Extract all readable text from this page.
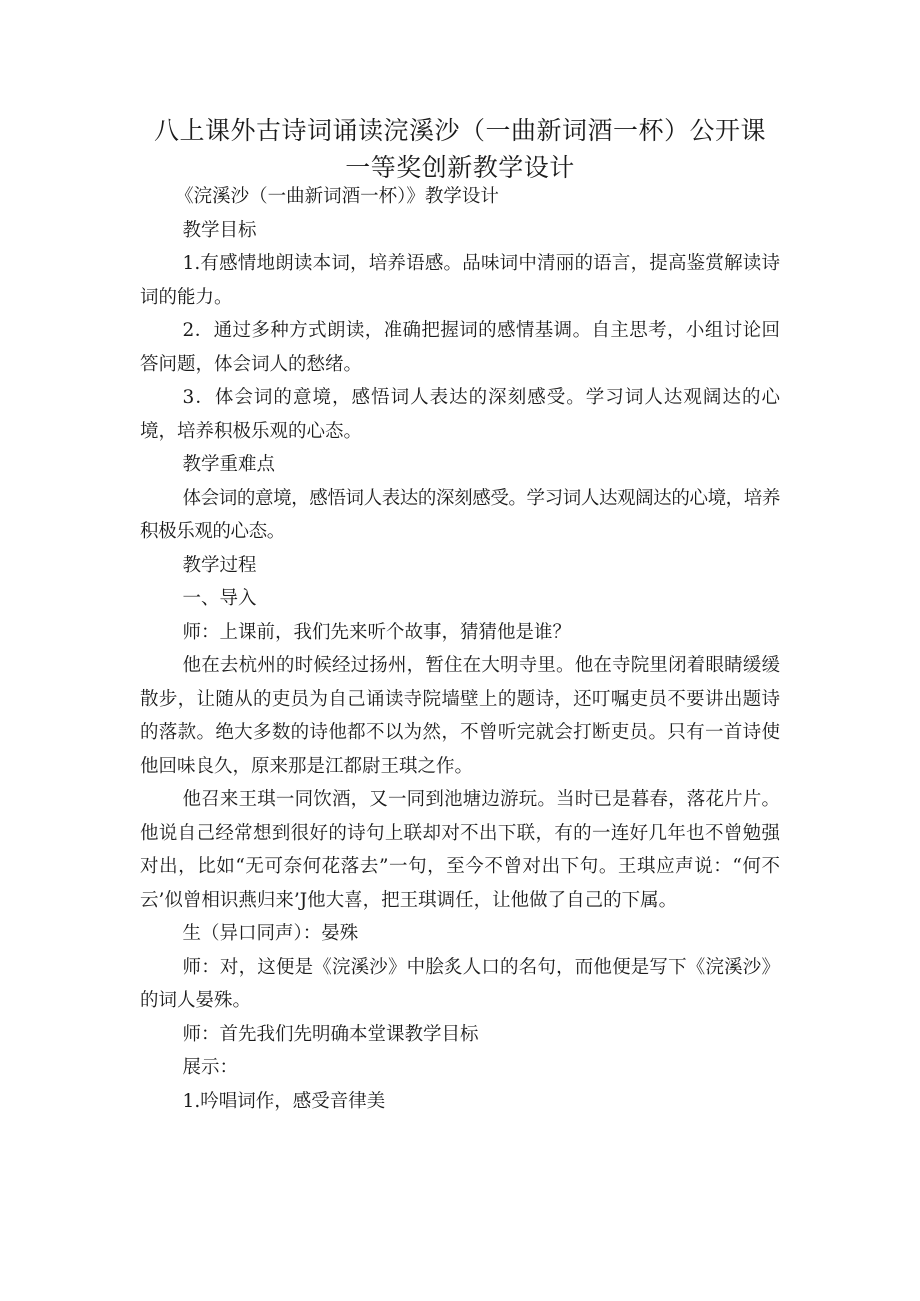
八上课外古诗词诵读浣溪沙（一曲新词酒一杯）公开课
一等奖创新教学设计

《浣溪沙（一曲新词酒一杯）》教学设计

教学目标

1.有感情地朗读本词，培养语感。品味词中清丽的语言，提高鉴赏解读诗词的能力。

2．通过多种方式朗读，准确把握词的感情基调。自主思考，小组讨论回答问题，体会词人的愁绪。

3．体会词的意境，感悟词人表达的深刻感受。学习词人达观阔达的心境，培养积极乐观的心态。

教学重难点

体会词的意境，感悟词人表达的深刻感受。学习词人达观阔达的心境，培养积极乐观的心态。

教学过程

一、导入

师：上课前，我们先来听个故事，猜猜他是谁？

他在去杭州的时候经过扬州，暂住在大明寺里。他在寺院里闭着眼睛缓缓散步，让随从的吏员为自己诵读寺院墙壁上的题诗，还叮嘱吏员不要讲出题诗的落款。绝大多数的诗他都不以为然，不曾听完就会打断吏员。只有一首诗使他回味良久，原来那是江都尉王琪之作。

他召来王琪一同饮酒，又一同到池塘边游玩。当时已是暮春，落花片片。他说自己经常想到很好的诗句上联却对不出下联，有的一连好几年也不曾勉强对出，比如“无可奈何花落去”一句，至今不曾对出下句。王琪应声说：“何不云’似曾相识燕归来’J他大喜，把王琪调任，让他做了自己的下属。

生（异口同声）：晏殊

师：对，这便是《浣溪沙》中脍炙人口的名句，而他便是写下《浣溪沙》的词人晏殊。

师：首先我们先明确本堂课教学目标

展示：

1.吟唱词作，感受音律美
